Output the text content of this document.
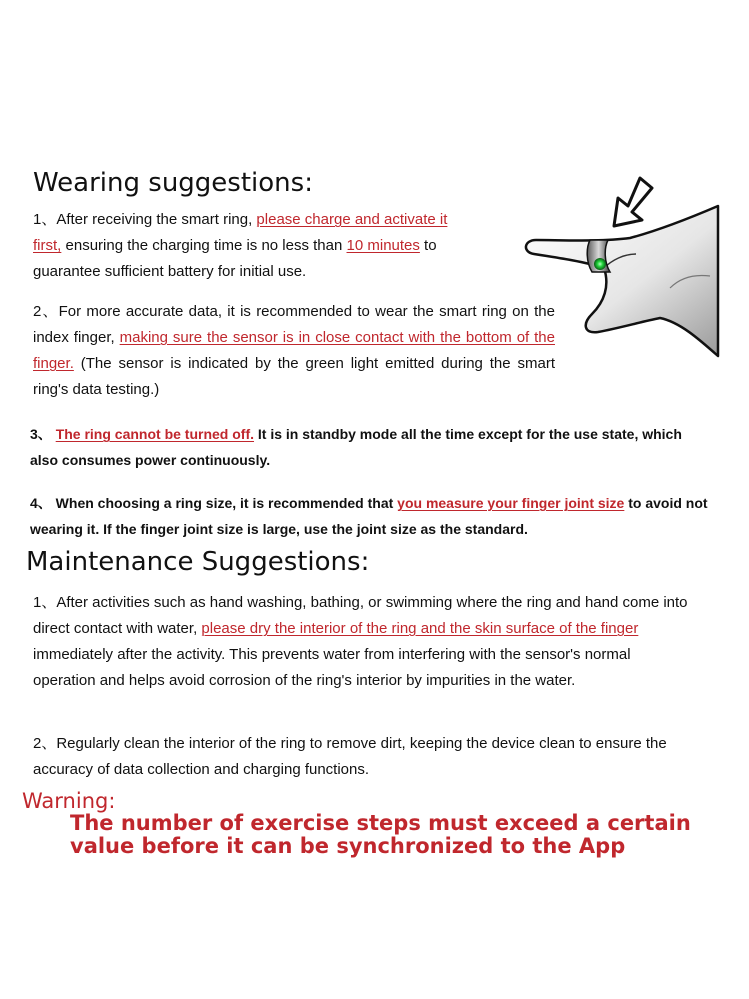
Wearing suggestions:
1、After receiving the smart ring, please charge and activate it first, ensuring the charging time is no less than 10 minutes to guarantee sufficient battery for initial use.
2、For more accurate data, it is recommended to wear the smart ring on the index finger, making sure the sensor is in close contact with the bottom of the finger. (The sensor is indicated by the green light emitted during the smart ring's data testing.)
3、 The ring cannot be turned off. It is in standby mode all the time except for the use state, which also consumes power continuously.
4、 When choosing a ring size, it is recommended that you measure your finger joint size to avoid not wearing it. If the finger joint size is large, use the joint size as the standard.
Maintenance Suggestions:
1、After activities such as hand washing, bathing, or swimming where the ring and hand come into direct contact with water, please dry the interior of the ring and the skin surface of the finger immediately after the activity. This prevents water from interfering with the sensor's normal operation and helps avoid corrosion of the ring's interior by impurities in the water.
2、Regularly clean the interior of the ring to remove dirt, keeping the device clean to ensure the accuracy of data collection and charging functions.
Warning:
The number of exercise steps must exceed a certain value before it can be synchronized to the App
